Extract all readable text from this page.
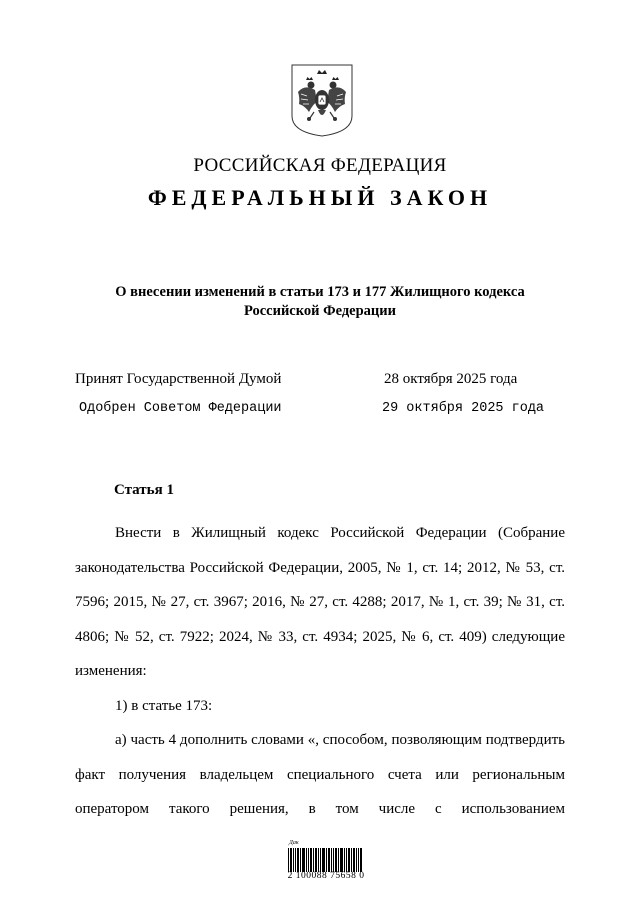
РОССИЙСКАЯ ФЕДЕРАЦИЯ
ФЕДЕРАЛЬНЫЙ ЗАКОН
О внесении изменений в статьи 173 и 177 Жилищного кодекса
Российской Федерации
Принят Государственной Думой	28 октября 2025 года
Одобрен Советом Федерации	29 октября 2025 года
Статья 1

Внести в Жилищный кодекс Российской Федерации (Собрание законодательства Российской Федерации, 2005, № 1, ст. 14; 2012, № 53, ст. 7596; 2015, № 27, ст. 3967; 2016, № 27, ст. 4288; 2017, № 1, ст. 39; № 31, ст. 4806; № 52, ст. 7922; 2024, № 33, ст. 4934; 2025, № 6, ст. 409) следующие изменения:

1) в статье 173:

а) часть 4 дополнить словами «, способом, позволяющим подтвердить факт получения владельцем специального счета или региональным оператором такого решения, в том числе с использованием

Дак
2 100088 75658 0
